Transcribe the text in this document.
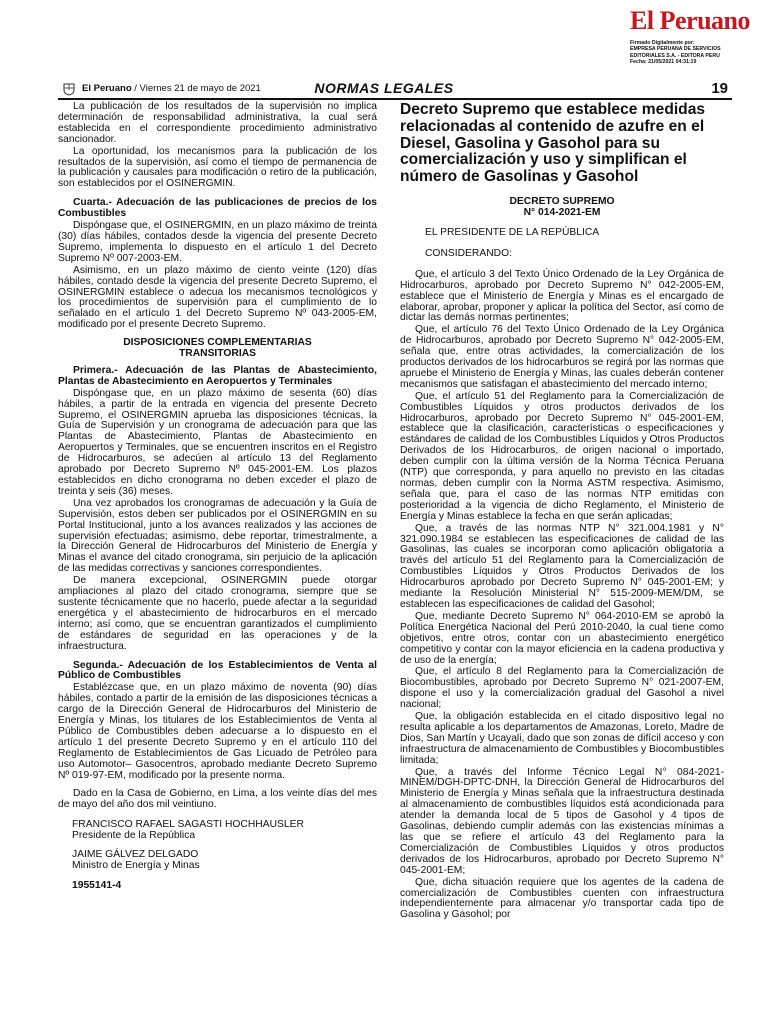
El Peruano
Firmado Digitalmente por:
EMPRESA PERUANA DE SERVICIOS
EDITORIALES S.A. - EDITORA PERU
Fecha: 21/05/2021 04:31:19
El Peruano / Viernes 21 de mayo de 2021	NORMAS LEGALES	19

La publicación de los resultados de la supervisión no implica determinación de responsabilidad administrativa, la cual será establecida en el correspondiente procedimiento administrativo sancionador.

La oportunidad, los mecanismos para la publicación de los resultados de la supervisión, así como el tiempo de permanencia de la publicación y causales para modificación o retiro de la publicación, son establecidos por el OSINERGMIN.

Cuarta.- Adecuación de las publicaciones de precios de los Combustibles

Dispóngase que, el OSINERGMIN, en un plazo máximo de treinta (30) días hábiles, contados desde la vigencia del presente Decreto Supremo, implementa lo dispuesto en el artículo 1 del Decreto Supremo Nº 007-2003-EM.

Asimismo, en un plazo máximo de ciento veinte (120) días hábiles, contado desde la vigencia del presente Decreto Supremo, el OSINERGMIN establece o adecua los mecanismos tecnológicos y los procedimientos de supervisión para el cumplimiento de lo señalado en el artículo 1 del Decreto Supremo Nº 043-2005-EM, modificado por el presente Decreto Supremo.

DISPOSICIONES COMPLEMENTARIAS
TRANSITORIAS

Primera.- Adecuación de las Plantas de Abastecimiento, Plantas de Abastecimiento en Aeropuertos y Terminales

Dispóngase que, en un plazo máximo de sesenta (60) días hábiles, a partir de la entrada en vigencia del presente Decreto Supremo, el OSINERGMIN aprueba las disposiciones técnicas, la Guía de Supervisión y un cronograma de adecuación para que las Plantas de Abastecimiento, Plantas de Abastecimiento en Aeropuertos y Terminales, que se encuentren inscritos en el Registro de Hidrocarburos, se adecúen al artículo 13 del Reglamento aprobado por Decreto Supremo Nº 045-2001-EM. Los plazos establecidos en dicho cronograma no deben exceder el plazo de treinta y seis (36) meses.

Una vez aprobados los cronogramas de adecuación y la Guía de Supervisión, estos deben ser publicados por el OSINERGMIN en su Portal Institucional, junto a los avances realizados y las acciones de supervisión efectuadas; asimismo, debe reportar, trimestralmente, a la Dirección General de Hidrocarburos del Ministerio de Energía y Minas el avance del citado cronograma, sin perjuicio de la aplicación de las medidas correctivas y sanciones correspondientes.

De manera excepcional, OSINERGMIN puede otorgar ampliaciones al plazo del citado cronograma, siempre que se sustente técnicamente que no hacerlo, puede afectar a la seguridad energética y el abastecimiento de hidrocarburos en el mercado interno; así como, que se encuentran garantizados el cumplimiento de estándares de seguridad en las operaciones y de la infraestructura.

Segunda.- Adecuación de los Establecimientos de Venta al Público de Combustibles

Establézcase que, en un plazo máximo de noventa (90) días hábiles, contado a partir de la emisión de las disposiciones técnicas a cargo de la Dirección General de Hidrocarburos del Ministerio de Energía y Minas, los titulares de los Establecimientos de Venta al Público de Combustibles deben adecuarse a lo dispuesto en el artículo 1 del presente Decreto Supremo y en el artículo 110 del Reglamento de Establecimientos de Gas Licuado de Petróleo para uso Automotor– Gasocentros, aprobado mediante Decreto Supremo Nº 019-97-EM, modificado por la presente norma.

Dado en la Casa de Gobierno, en Lima, a los veinte días del mes de mayo del año dos mil veintiuno.

FRANCISCO RAFAEL SAGASTI HOCHHAUSLER
Presidente de la República
JAIME GÁLVEZ DELGADO
Ministro de Energía y Minas
1955141-4
Decreto Supremo que establece medidas relacionadas al contenido de azufre en el Diesel, Gasolina y Gasohol para su comercialización y uso y simplifican el número de Gasolinas y Gasohol
DECRETO SUPREMO
N° 014-2021-EM
EL PRESIDENTE DE LA REPÚBLICA
CONSIDERANDO:

Que, el artículo 3 del Texto Único Ordenado de la Ley Orgánica de Hidrocarburos, aprobado por Decreto Supremo N° 042-2005-EM, establece que el Ministerio de Energía y Minas es el encargado de elaborar, aprobar, proponer y aplicar la política del Sector, así como de dictar las demás normas pertinentes;

Que, el artículo 76 del Texto Único Ordenado de la Ley Orgánica de Hidrocarburos, aprobado por Decreto Supremo N° 042-2005-EM, señala que, entre otras actividades, la comercialización de los productos derivados de los hidrocarburos se regirá por las normas que apruebe el Ministerio de Energía y Minas, las cuales deberán contener mecanismos que satisfagan el abastecimiento del mercado interno;

Que, el artículo 51 del Reglamento para la Comercialización de Combustibles Líquidos y otros productos derivados de los Hidrocarburos, aprobado por Decreto Supremo N° 045-2001-EM, establece que la clasificación, características o especificaciones y estándares de calidad de los Combustibles Líquidos y Otros Productos Derivados de los Hidrocarburos, de origen nacional o importado, deben cumplir con la última versión de la Norma Técnica Peruana (NTP) que corresponda, y para aquello no previsto en las citadas normas, deben cumplir con la Norma ASTM respectiva. Asimismo, señala que, para el caso de las normas NTP emitidas con posterioridad a la vigencia de dicho Reglamento, el Ministerio de Energía y Minas establece la fecha en que serán aplicadas;

Que, a través de las normas NTP N° 321.004.1981 y N° 321.090.1984 se establecen las especificaciones de calidad de las Gasolinas, las cuales se incorporan como aplicación obligatoria a través del artículo 51 del Reglamento para la Comercialización de Combustibles Líquidos y Otros Productos Derivados de los Hidrocarburos aprobado por Decreto Supremo N° 045-2001-EM; y mediante la Resolución Ministerial N° 515-2009-MEM/DM, se establecen las especificaciones de calidad del Gasohol;

Que, mediante Decreto Supremo N° 064-2010-EM se aprobó la Política Energética Nacional del Perú 2010-2040, la cual tiene como objetivos, entre otros, contar con un abastecimiento energético competitivo y contar con la mayor eficiencia en la cadena productiva y de uso de la energía;

Que, el artículo 8 del Reglamento para la Comercialización de Biocombustibles, aprobado por Decreto Supremo N° 021-2007-EM, dispone el uso y la comercialización gradual del Gasohol a nivel nacional;

Que, la obligación establecida en el citado dispositivo legal no resulta aplicable a los departamentos de Amazonas, Loreto, Madre de Dios, San Martín y Ucayali, dado que son zonas de difícil acceso y con infraestructura de almacenamiento de Combustibles y Biocombustibles limitada;

Que, a través del Informe Técnico Legal N° 084-2021-MINEM/DGH-DPTC-DNH, la Dirección General de Hidrocarburos del Ministerio de Energía y Minas señala que la infraestructura destinada al almacenamiento de combustibles líquidos está acondicionada para atender la demanda local de 5 tipos de Gasohol y 4 tipos de Gasolinas, debiendo cumplir además con las existencias mínimas a las que se refiere el artículo 43 del Reglamento para la Comercialización de Combustibles Líquidos y otros productos derivados de los Hidrocarburos, aprobado por Decreto Supremo N° 045-2001-EM;

Que, dicha situación requiere que los agentes de la cadena de comercialización de Combustibles cuenten con infraestructura independientemente para almacenar y/o transportar cada tipo de Gasolina y Gasohol; por
